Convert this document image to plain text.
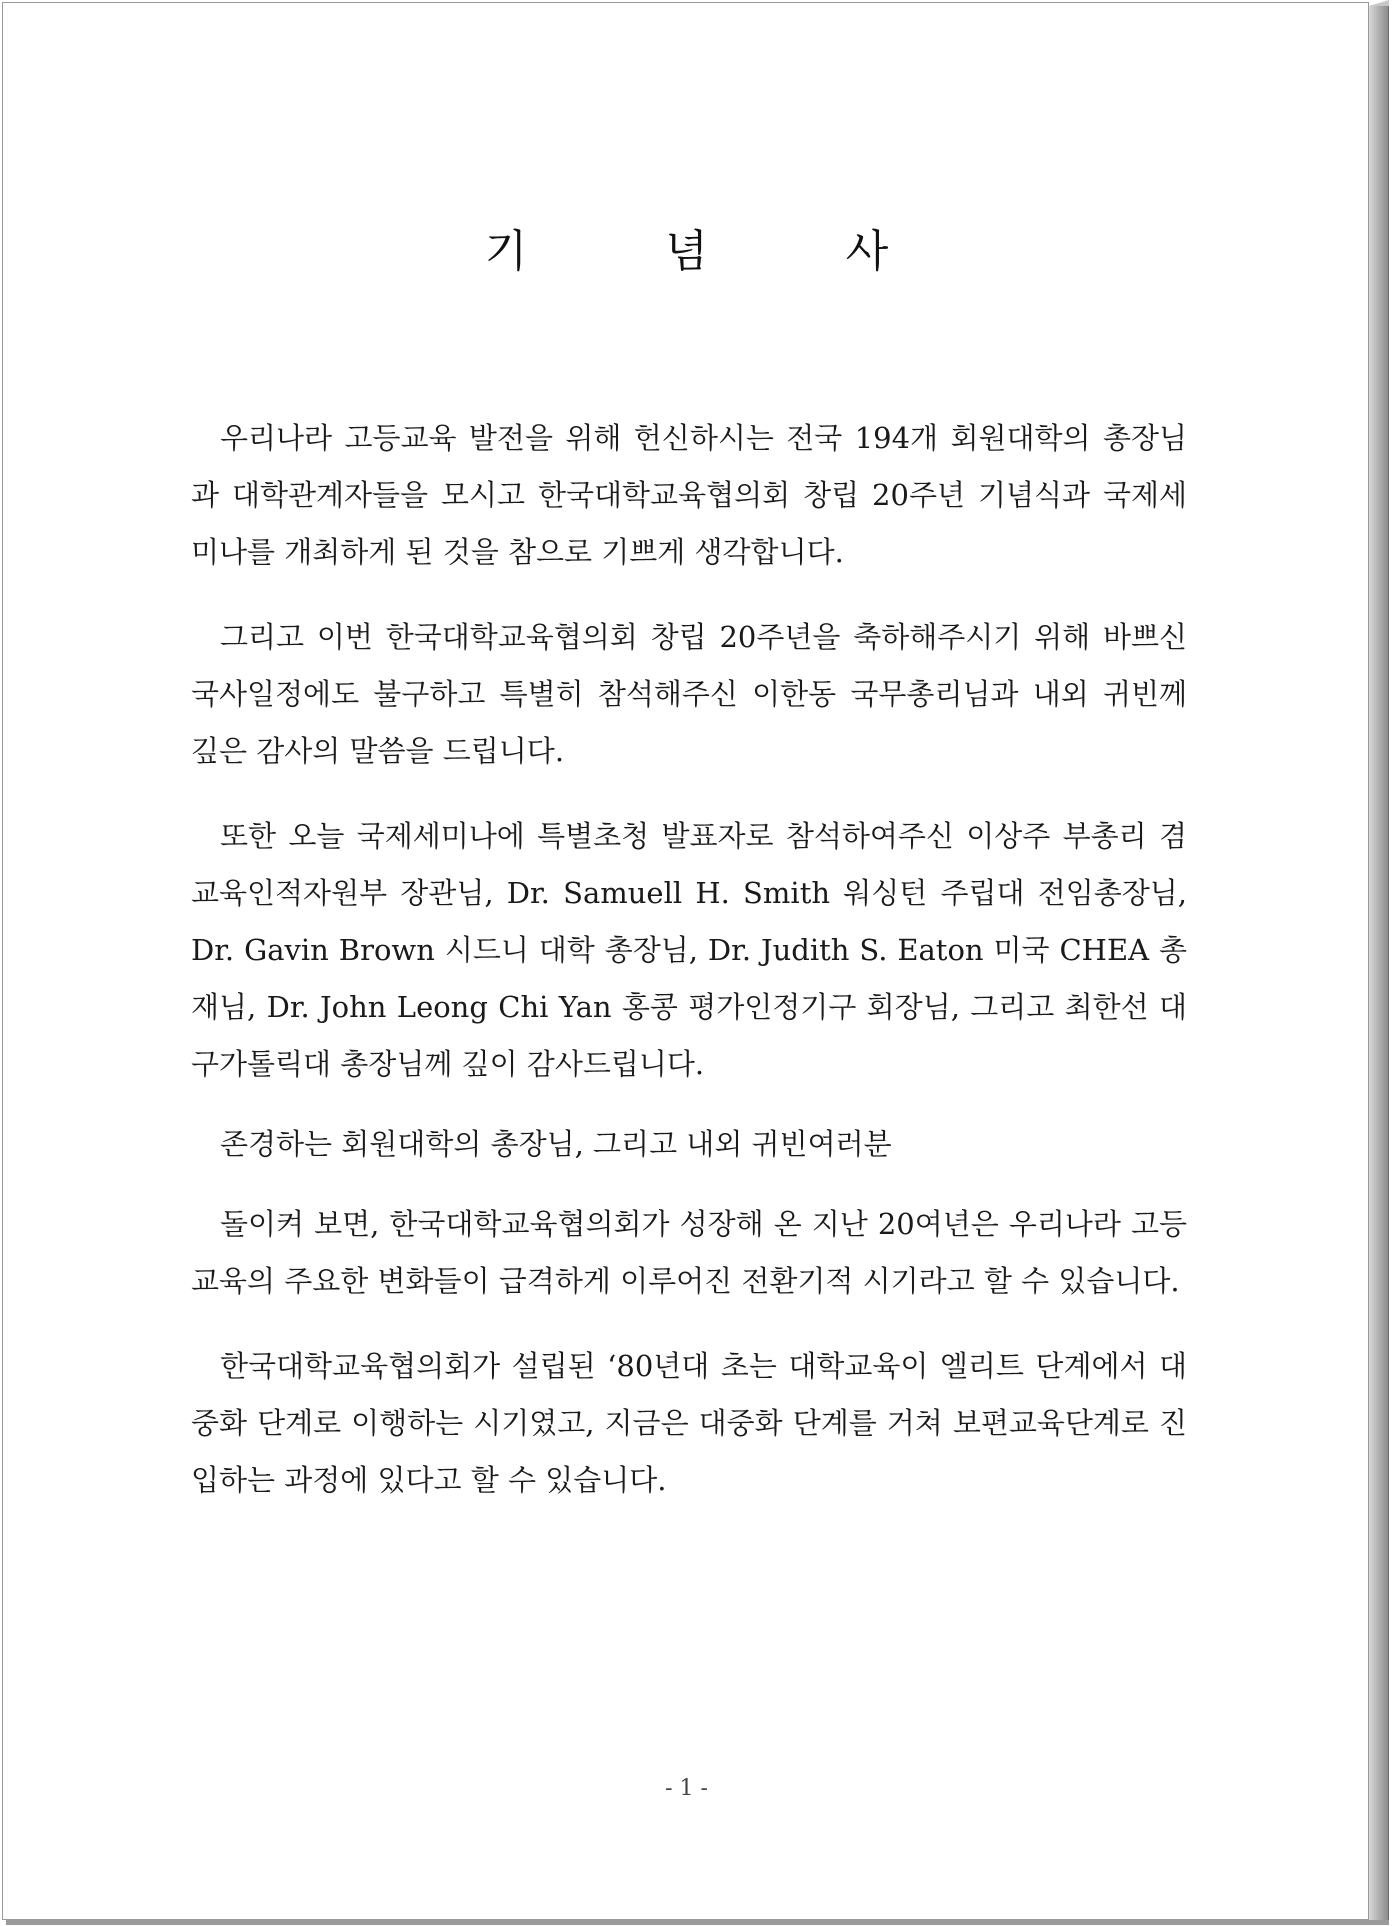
기 념 사

우리나라 고등교육 발전을 위해 헌신하시는 전국 194개 회원대학의 총장님과 대학관계자들을 모시고 한국대학교육협의회 창립 20주년 기념식과 국제세미나를 개최하게 된 것을 참으로 기쁘게 생각합니다.

그리고 이번 한국대학교육협의회 창립 20주년을 축하해주시기 위해 바쁘신 국사일정에도 불구하고 특별히 참석해주신 이한동 국무총리님과 내외 귀빈께 깊은 감사의 말씀을 드립니다.

또한 오늘 국제세미나에 특별초청 발표자로 참석하여주신 이상주 부총리 겸 교육인적자원부 장관님, Dr. Samuell H. Smith 워싱턴 주립대 전임총장님, Dr. Gavin Brown 시드니 대학 총장님, Dr. Judith S. Eaton 미국 CHEA 총재님, Dr. John Leong Chi Yan 홍콩 평가인정기구 회장님, 그리고 최한선 대구가톨릭대 총장님께 깊이 감사드립니다.

존경하는 회원대학의 총장님, 그리고 내외 귀빈여러분

돌이켜 보면, 한국대학교육협의회가 성장해 온 지난 20여년은 우리나라 고등교육의 주요한 변화들이 급격하게 이루어진 전환기적 시기라고 할 수 있습니다.

한국대학교육협의회가 설립된 ‘80년대 초는 대학교육이 엘리트 단계에서 대중화 단계로 이행하는 시기였고, 지금은 대중화 단계를 거쳐 보편교육단계로 진입하는 과정에 있다고 할 수 있습니다.

- 1 -
